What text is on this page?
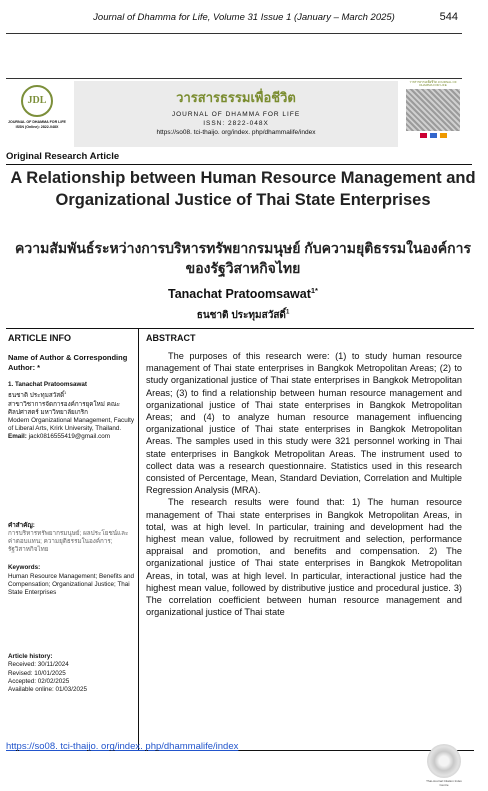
Journal of Dhamma for Life, Volume 31 Issue 1 (January – March 2025)	544
JDL
JOURNAL OF DHAMMA FOR LIFE ISSN (Online): 2822-048X
วารสารธรรมเพื่อชีวิต
JOURNAL OF DHAMMA FOR LIFE
ISSN: 2822-048X
https://so08. tci-thaijo. org/index. php/dhammalife/index
วารสารธรรมเพื่อชีวิต JOURNAL OF DHAMMA FOR LIFE
Original Research Article
A Relationship between Human Resource Management and Organizational Justice of Thai State Enterprises
ความสัมพันธ์ระหว่างการบริหารทรัพยากรมนุษย์ กับความยุติธรรมในองค์การของรัฐวิสาหกิจไทย
Tanachat Pratoomsawat$^{1*}$
ธนชาติ ประทุมสวัสดิ์$^1$
ARTICLE INFO
Name of Author & Corresponding Author: *
1. Tanachat Pratoomsawat
ธนชาติ ประทุมสวัสดิ์$^1$
สาขาวิชาการจัดการองค์การยุคใหม่ คณะศิลปศาสตร์ มหาวิทยาลัยเกริก
Modern Organizational Management, Faculty of Liberal Arts, Krirk University, Thailand.
Email: jack0816555419@gmail.com
คำสำคัญ:
การบริหารทรัพยากรมนุษย์; ผลประโยชน์และค่าตอบแทน; ความยุติธรรมในองค์การ; รัฐวิสาหกิจไทย
Keywords:
Human Resource Management; Benefits and Compensation; Organizational Justice; Thai State Enterprises
Article history:
Received: 30/11/2024
Revised: 10/01/2025
Accepted: 02/02/2025
Available online: 01/03/2025
ABSTRACT

The purposes of this research were: (1) to study human resource management of Thai state enterprises in Bangkok Metropolitan Areas; (2) to study organizational justice of Thai state enterprises in Bangkok Metropolitan Areas; (3) to find a relationship between human resource management and organizational justice of Thai state enterprises in Bangkok Metropolitan Areas; and (4) to analyze human resource management influencing organizational justice of Thai state enterprises in Bangkok Metropolitan Areas. The samples used in this study were 321 personnel working in Thai state enterprises in Bangkok Metropolitan Areas. The instrument used to collect data was a research questionnaire. Statistics used in this research consisted of Percentage, Mean, Standard Deviation, Correlation and Multiple Regression Analysis (MRA).

The research results were found that: 1) The human resource management of Thai state enterprises in Bangkok Metropolitan Areas, in total, was at high level. In particular, training and development had the highest mean value, followed by recruitment and selection, performance appraisal and promotion, and benefits and compensation. 2) The organizational justice of Thai state enterprises in Bangkok Metropolitan Areas, in total, was at high level. In particular, interactional justice had the highest mean value, followed by distributive justice and procedural justice. 3) The correlation coefficient between human resource management and organizational justice of Thai state

https://so08. tci-thaijo. org/index. php/dhammalife/index
Thai-Journal Citation Index Centre
